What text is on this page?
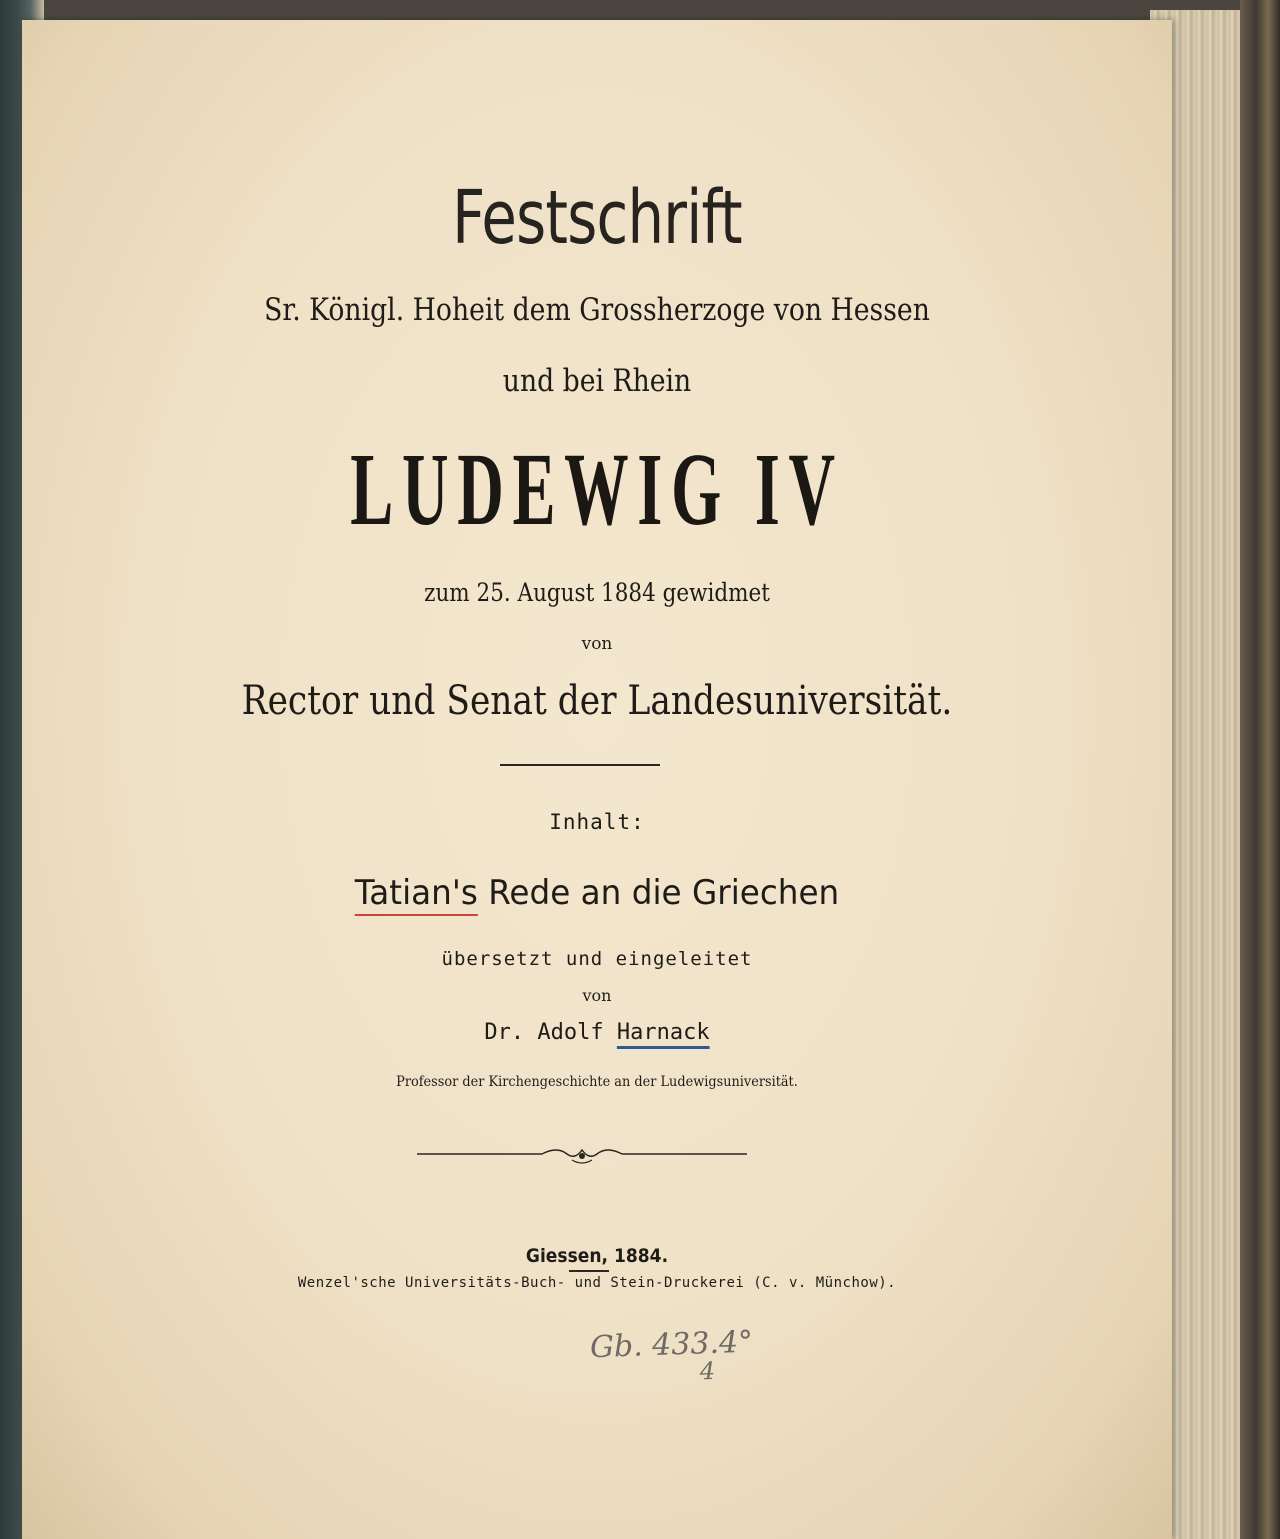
Festschrift
Sr. Königl. Hoheit dem Grossherzoge von Hessen
und bei Rhein
LUDEWIG IV
zum 25. August 1884 gewidmet
von
Rector und Senat der Landesuniversität.
Inhalt:
Tatian's Rede an die Griechen
übersetzt und eingeleitet
von
Dr. Adolf Harnack
Professor der Kirchengeschichte an der Ludewigsuniversität.
Giessen, 1884.
Wenzel'sche Universitäts-Buch- und Stein-Druckerei (C. v. Münchow).
Gb. 433.4°
4
